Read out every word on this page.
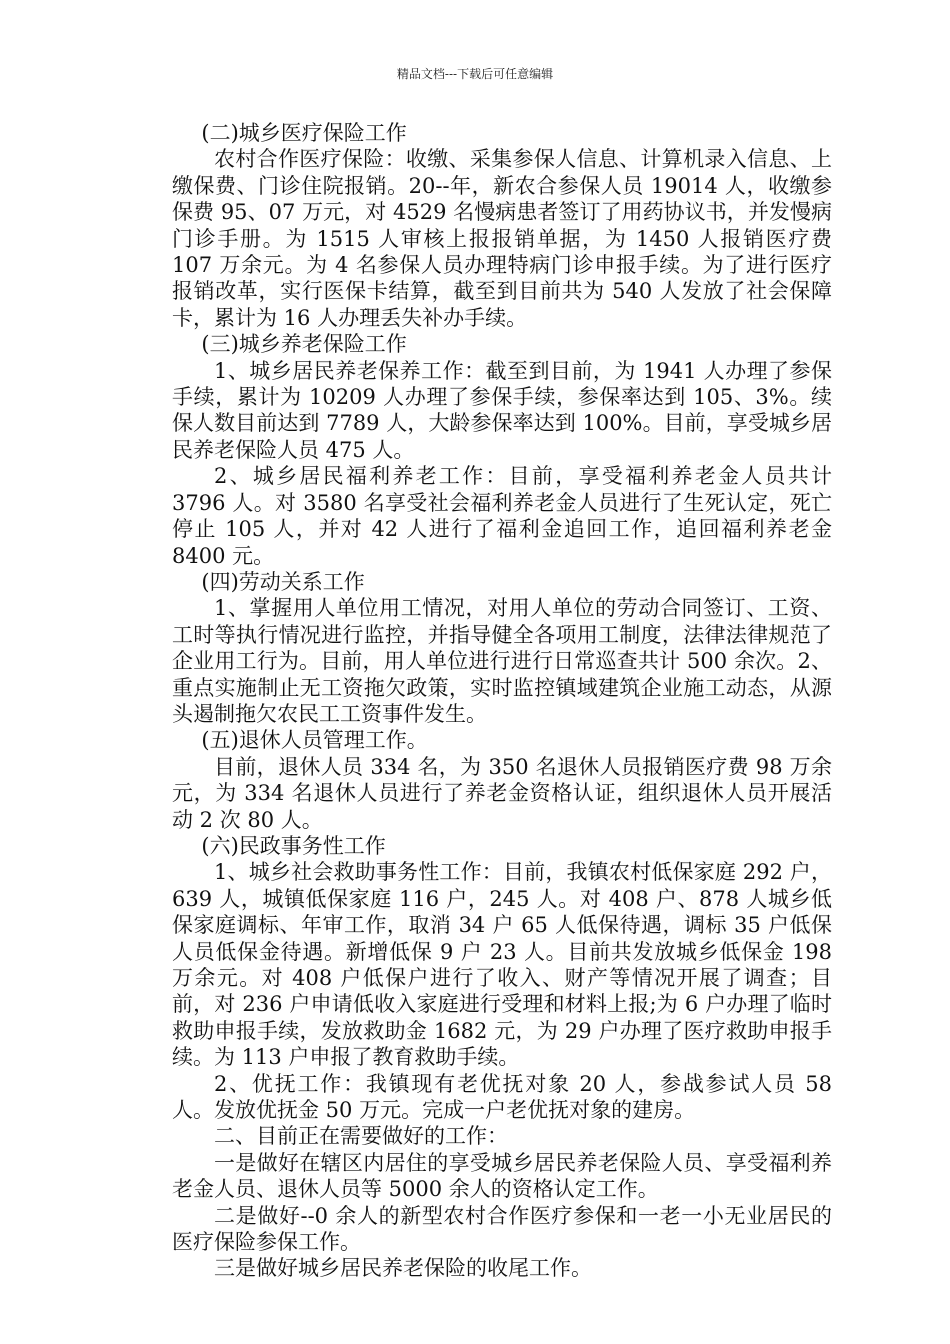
精品文档---下载后可任意编辑

(二)城乡医疗保险工作

农村合作医疗保险：收缴、采集参保人信息、计算机录入信息、上缴保费、门诊住院报销。20--年，新农合参保人员 19014 人，收缴参保费 95、07 万元，对 4529 名慢病患者签订了用药协议书，并发慢病门诊手册。为 1515 人审核上报报销单据，为 1450 人报销医疗费 107 万余元。为 4 名参保人员办理特病门诊申报手续。为了进行医疗报销改革，实行医保卡结算，截至到目前共为 540 人发放了社会保障卡，累计为 16 人办理丢失补办手续。

(三)城乡养老保险工作

1、城乡居民养老保养工作：截至到目前，为 1941 人办理了参保手续，累计为 10209 人办理了参保手续，参保率达到 105、3%。续保人数目前达到 7789 人，大龄参保率达到 100%。目前，享受城乡居民养老保险人员 475 人。

2、城乡居民福利养老工作：目前，享受福利养老金人员共计 3796 人。对 3580 名享受社会福利养老金人员进行了生死认定，死亡停止 105 人，并对 42 人进行了福利金追回工作，追回福利养老金 8400 元。

(四)劳动关系工作

1、掌握用人单位用工情况，对用人单位的劳动合同签订、工资、工时等执行情况进行监控，并指导健全各项用工制度，法律法律规范了企业用工行为。目前，用人单位进行进行日常巡查共计 500 余次。2、重点实施制止无工资拖欠政策，实时监控镇域建筑企业施工动态，从源头遏制拖欠农民工工资事件发生。

(五)退休人员管理工作。

目前，退休人员 334 名，为 350 名退休人员报销医疗费 98 万余元，为 334 名退休人员进行了养老金资格认证，组织退休人员开展活动 2 次 80 人。

(六)民政事务性工作

1、城乡社会救助事务性工作：目前，我镇农村低保家庭 292 户，639 人，城镇低保家庭 116 户，245 人。对 408 户、878 人城乡低保家庭调标、年审工作，取消 34 户 65 人低保待遇，调标 35 户低保人员低保金待遇。新增低保 9 户 23 人。目前共发放城乡低保金 198 万余元。对 408 户低保户进行了收入、财产等情况开展了调查；目前，对 236 户申请低收入家庭进行受理和材料上报;为 6 户办理了临时救助申报手续，发放救助金 1682 元，为 29 户办理了医疗救助申报手续。为 113 户申报了教育救助手续。

2、优抚工作：我镇现有老优抚对象 20 人，参战参试人员 58 人。发放优抚金 50 万元。完成一户老优抚对象的建房。

二、目前正在需要做好的工作：

一是做好在辖区内居住的享受城乡居民养老保险人员、享受福利养老金人员、退休人员等 5000 余人的资格认定工作。

二是做好--0 余人的新型农村合作医疗参保和一老一小无业居民的医疗保险参保工作。

三是做好城乡居民养老保险的收尾工作。
